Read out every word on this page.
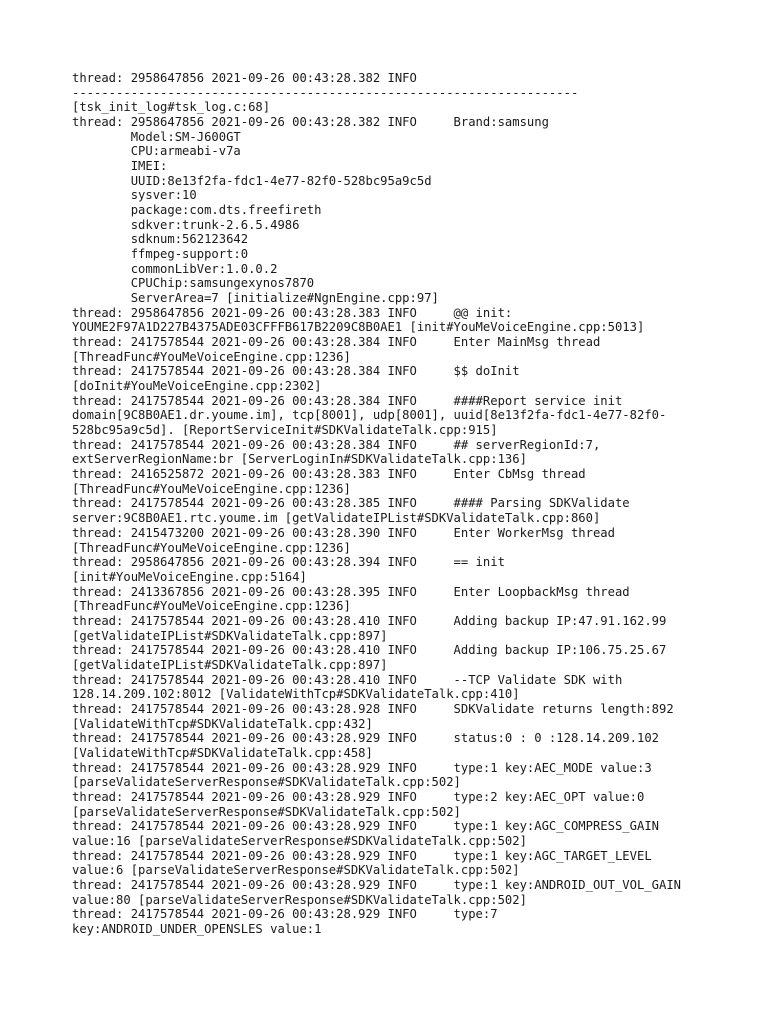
thread: 2958647856 2021-09-26 00:43:28.382 INFO
---------------------------------------------------------------------
[tsk_init_log#tsk_log.c:68]
thread: 2958647856 2021-09-26 00:43:28.382 INFO     Brand:samsung
Model:SM-J600GT
CPU:armeabi-v7a
IMEI:
UUID:8e13f2fa-fdc1-4e77-82f0-528bc95a9c5d
sysver:10
package:com.dts.freefireth
sdkver:trunk-2.6.5.4986
sdknum:562123642
ffmpeg-support:0
commonLibVer:1.0.0.2
CPUChip:samsungexynos7870
ServerArea=7 [initialize#NgnEngine.cpp:97]
thread: 2958647856 2021-09-26 00:43:28.383 INFO     @@ init:
YOUME2F97A1D227B4375ADE03CFFFB617B2209C8B0AE1 [init#YouMeVoiceEngine.cpp:5013]
thread: 2417578544 2021-09-26 00:43:28.384 INFO     Enter MainMsg thread
[ThreadFunc#YouMeVoiceEngine.cpp:1236]
thread: 2417578544 2021-09-26 00:43:28.384 INFO     $$ doInit
[doInit#YouMeVoiceEngine.cpp:2302]
thread: 2417578544 2021-09-26 00:43:28.384 INFO     ####Report service init
domain[9C8B0AE1.dr.youme.im], tcp[8001], udp[8001], uuid[8e13f2fa-fdc1-4e77-82f0-
528bc95a9c5d]. [ReportServiceInit#SDKValidateTalk.cpp:915]
thread: 2417578544 2021-09-26 00:43:28.384 INFO     ## serverRegionId:7,
extServerRegionName:br [ServerLoginIn#SDKValidateTalk.cpp:136]
thread: 2416525872 2021-09-26 00:43:28.383 INFO     Enter CbMsg thread
[ThreadFunc#YouMeVoiceEngine.cpp:1236]
thread: 2417578544 2021-09-26 00:43:28.385 INFO     #### Parsing SDKValidate
server:9C8B0AE1.rtc.youme.im [getValidateIPList#SDKValidateTalk.cpp:860]
thread: 2415473200 2021-09-26 00:43:28.390 INFO     Enter WorkerMsg thread
[ThreadFunc#YouMeVoiceEngine.cpp:1236]
thread: 2958647856 2021-09-26 00:43:28.394 INFO     == init
[init#YouMeVoiceEngine.cpp:5164]
thread: 2413367856 2021-09-26 00:43:28.395 INFO     Enter LoopbackMsg thread
[ThreadFunc#YouMeVoiceEngine.cpp:1236]
thread: 2417578544 2021-09-26 00:43:28.410 INFO     Adding backup IP:47.91.162.99
[getValidateIPList#SDKValidateTalk.cpp:897]
thread: 2417578544 2021-09-26 00:43:28.410 INFO     Adding backup IP:106.75.25.67
[getValidateIPList#SDKValidateTalk.cpp:897]
thread: 2417578544 2021-09-26 00:43:28.410 INFO     --TCP Validate SDK with
128.14.209.102:8012 [ValidateWithTcp#SDKValidateTalk.cpp:410]
thread: 2417578544 2021-09-26 00:43:28.928 INFO     SDKValidate returns length:892
[ValidateWithTcp#SDKValidateTalk.cpp:432]
thread: 2417578544 2021-09-26 00:43:28.929 INFO     status:0 : 0 :128.14.209.102
[ValidateWithTcp#SDKValidateTalk.cpp:458]
thread: 2417578544 2021-09-26 00:43:28.929 INFO     type:1 key:AEC_MODE value:3
[parseValidateServerResponse#SDKValidateTalk.cpp:502]
thread: 2417578544 2021-09-26 00:43:28.929 INFO     type:2 key:AEC_OPT value:0
[parseValidateServerResponse#SDKValidateTalk.cpp:502]
thread: 2417578544 2021-09-26 00:43:28.929 INFO     type:1 key:AGC_COMPRESS_GAIN
value:16 [parseValidateServerResponse#SDKValidateTalk.cpp:502]
thread: 2417578544 2021-09-26 00:43:28.929 INFO     type:1 key:AGC_TARGET_LEVEL
value:6 [parseValidateServerResponse#SDKValidateTalk.cpp:502]
thread: 2417578544 2021-09-26 00:43:28.929 INFO     type:1 key:ANDROID_OUT_VOL_GAIN
value:80 [parseValidateServerResponse#SDKValidateTalk.cpp:502]
thread: 2417578544 2021-09-26 00:43:28.929 INFO     type:7
key:ANDROID_UNDER_OPENSLES value:1
